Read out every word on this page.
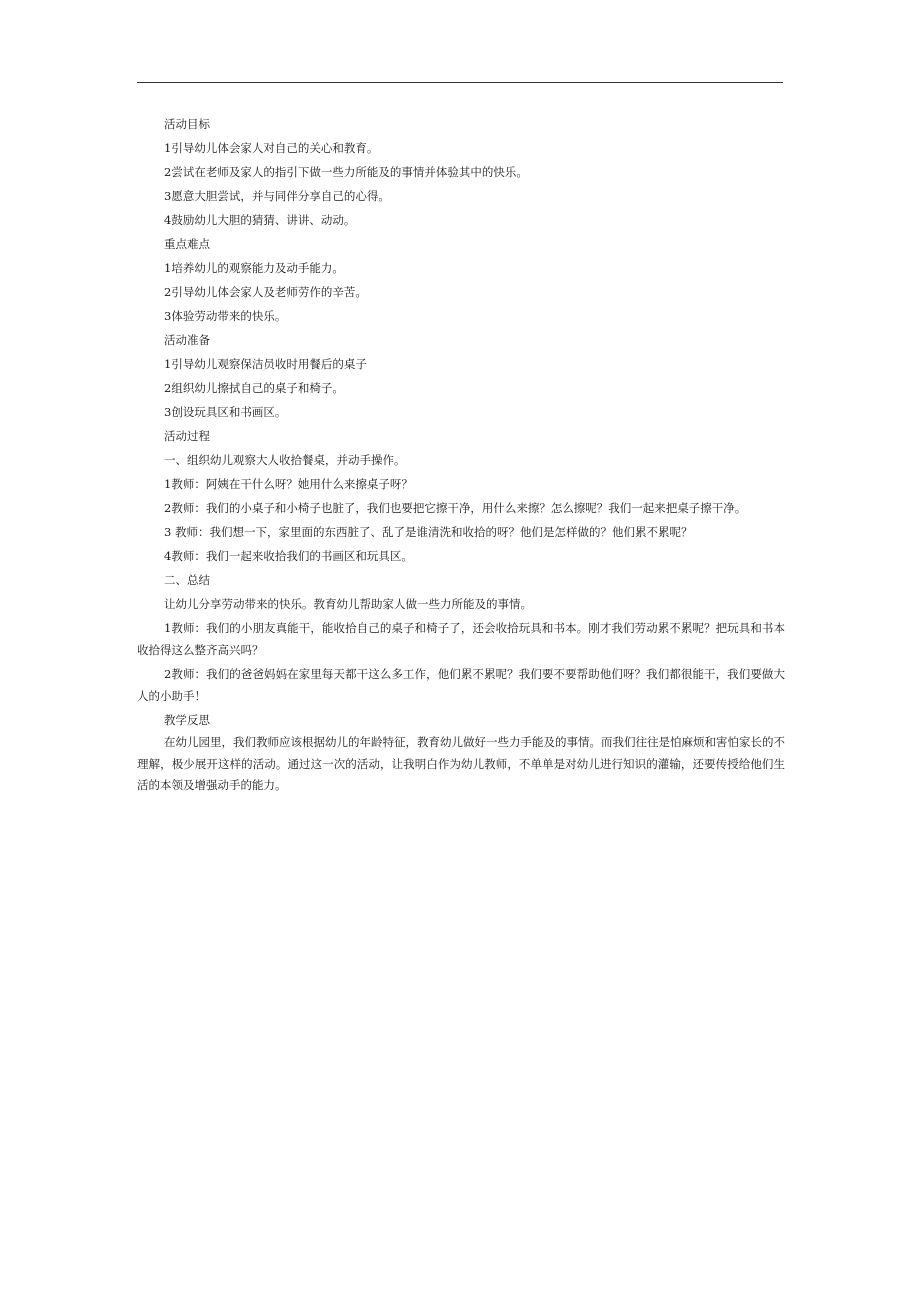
活动目标

1引导幼儿体会家人对自己的关心和教育。

2尝试在老师及家人的指引下做一些力所能及的事情并体验其中的快乐。

3愿意大胆尝试，并与同伴分享自己的心得。

4鼓励幼儿大胆的猜猜、讲讲、动动。

重点难点

1培养幼儿的观察能力及动手能力。

2引导幼儿体会家人及老师劳作的辛苦。

3体验劳动带来的快乐。

活动准备

1引导幼儿观察保洁员收时用餐后的桌子

2组织幼儿擦拭自己的桌子和椅子。

3创设玩具区和书画区。

活动过程

一、组织幼儿观察大人收拾餐桌，并动手操作。

1教师：阿姨在干什么呀？她用什么来擦桌子呀？

2教师：我们的小桌子和小椅子也脏了，我们也要把它擦干净，用什么来擦？怎么擦呢？我们一起来把桌子擦干净。

3 教师：我们想一下，家里面的东西脏了、乱了是谁清洗和收拾的呀？他们是怎样做的？他们累不累呢？

4教师：我们一起来收拾我们的书画区和玩具区。

二、总结

让幼儿分享劳动带来的快乐。教育幼儿帮助家人做一些力所能及的事情。

1教师：我们的小朋友真能干，能收拾自己的桌子和椅子了，还会收拾玩具和书本。刚才我们劳动累不累呢？把玩具和书本收拾得这么整齐高兴吗？

2教师：我们的爸爸妈妈在家里每天都干这么多工作，他们累不累呢？我们要不要帮助他们呀？我们都很能干，我们要做大人的小助手！

教学反思

在幼儿园里，我们教师应该根据幼儿的年龄特征，教育幼儿做好一些力手能及的事情。而我们往往是怕麻烦和害怕家长的不理解，极少展开这样的活动。通过这一次的活动，让我明白作为幼儿教师，不单单是对幼儿进行知识的灌输，还要传授给他们生活的本领及增强动手的能力。
